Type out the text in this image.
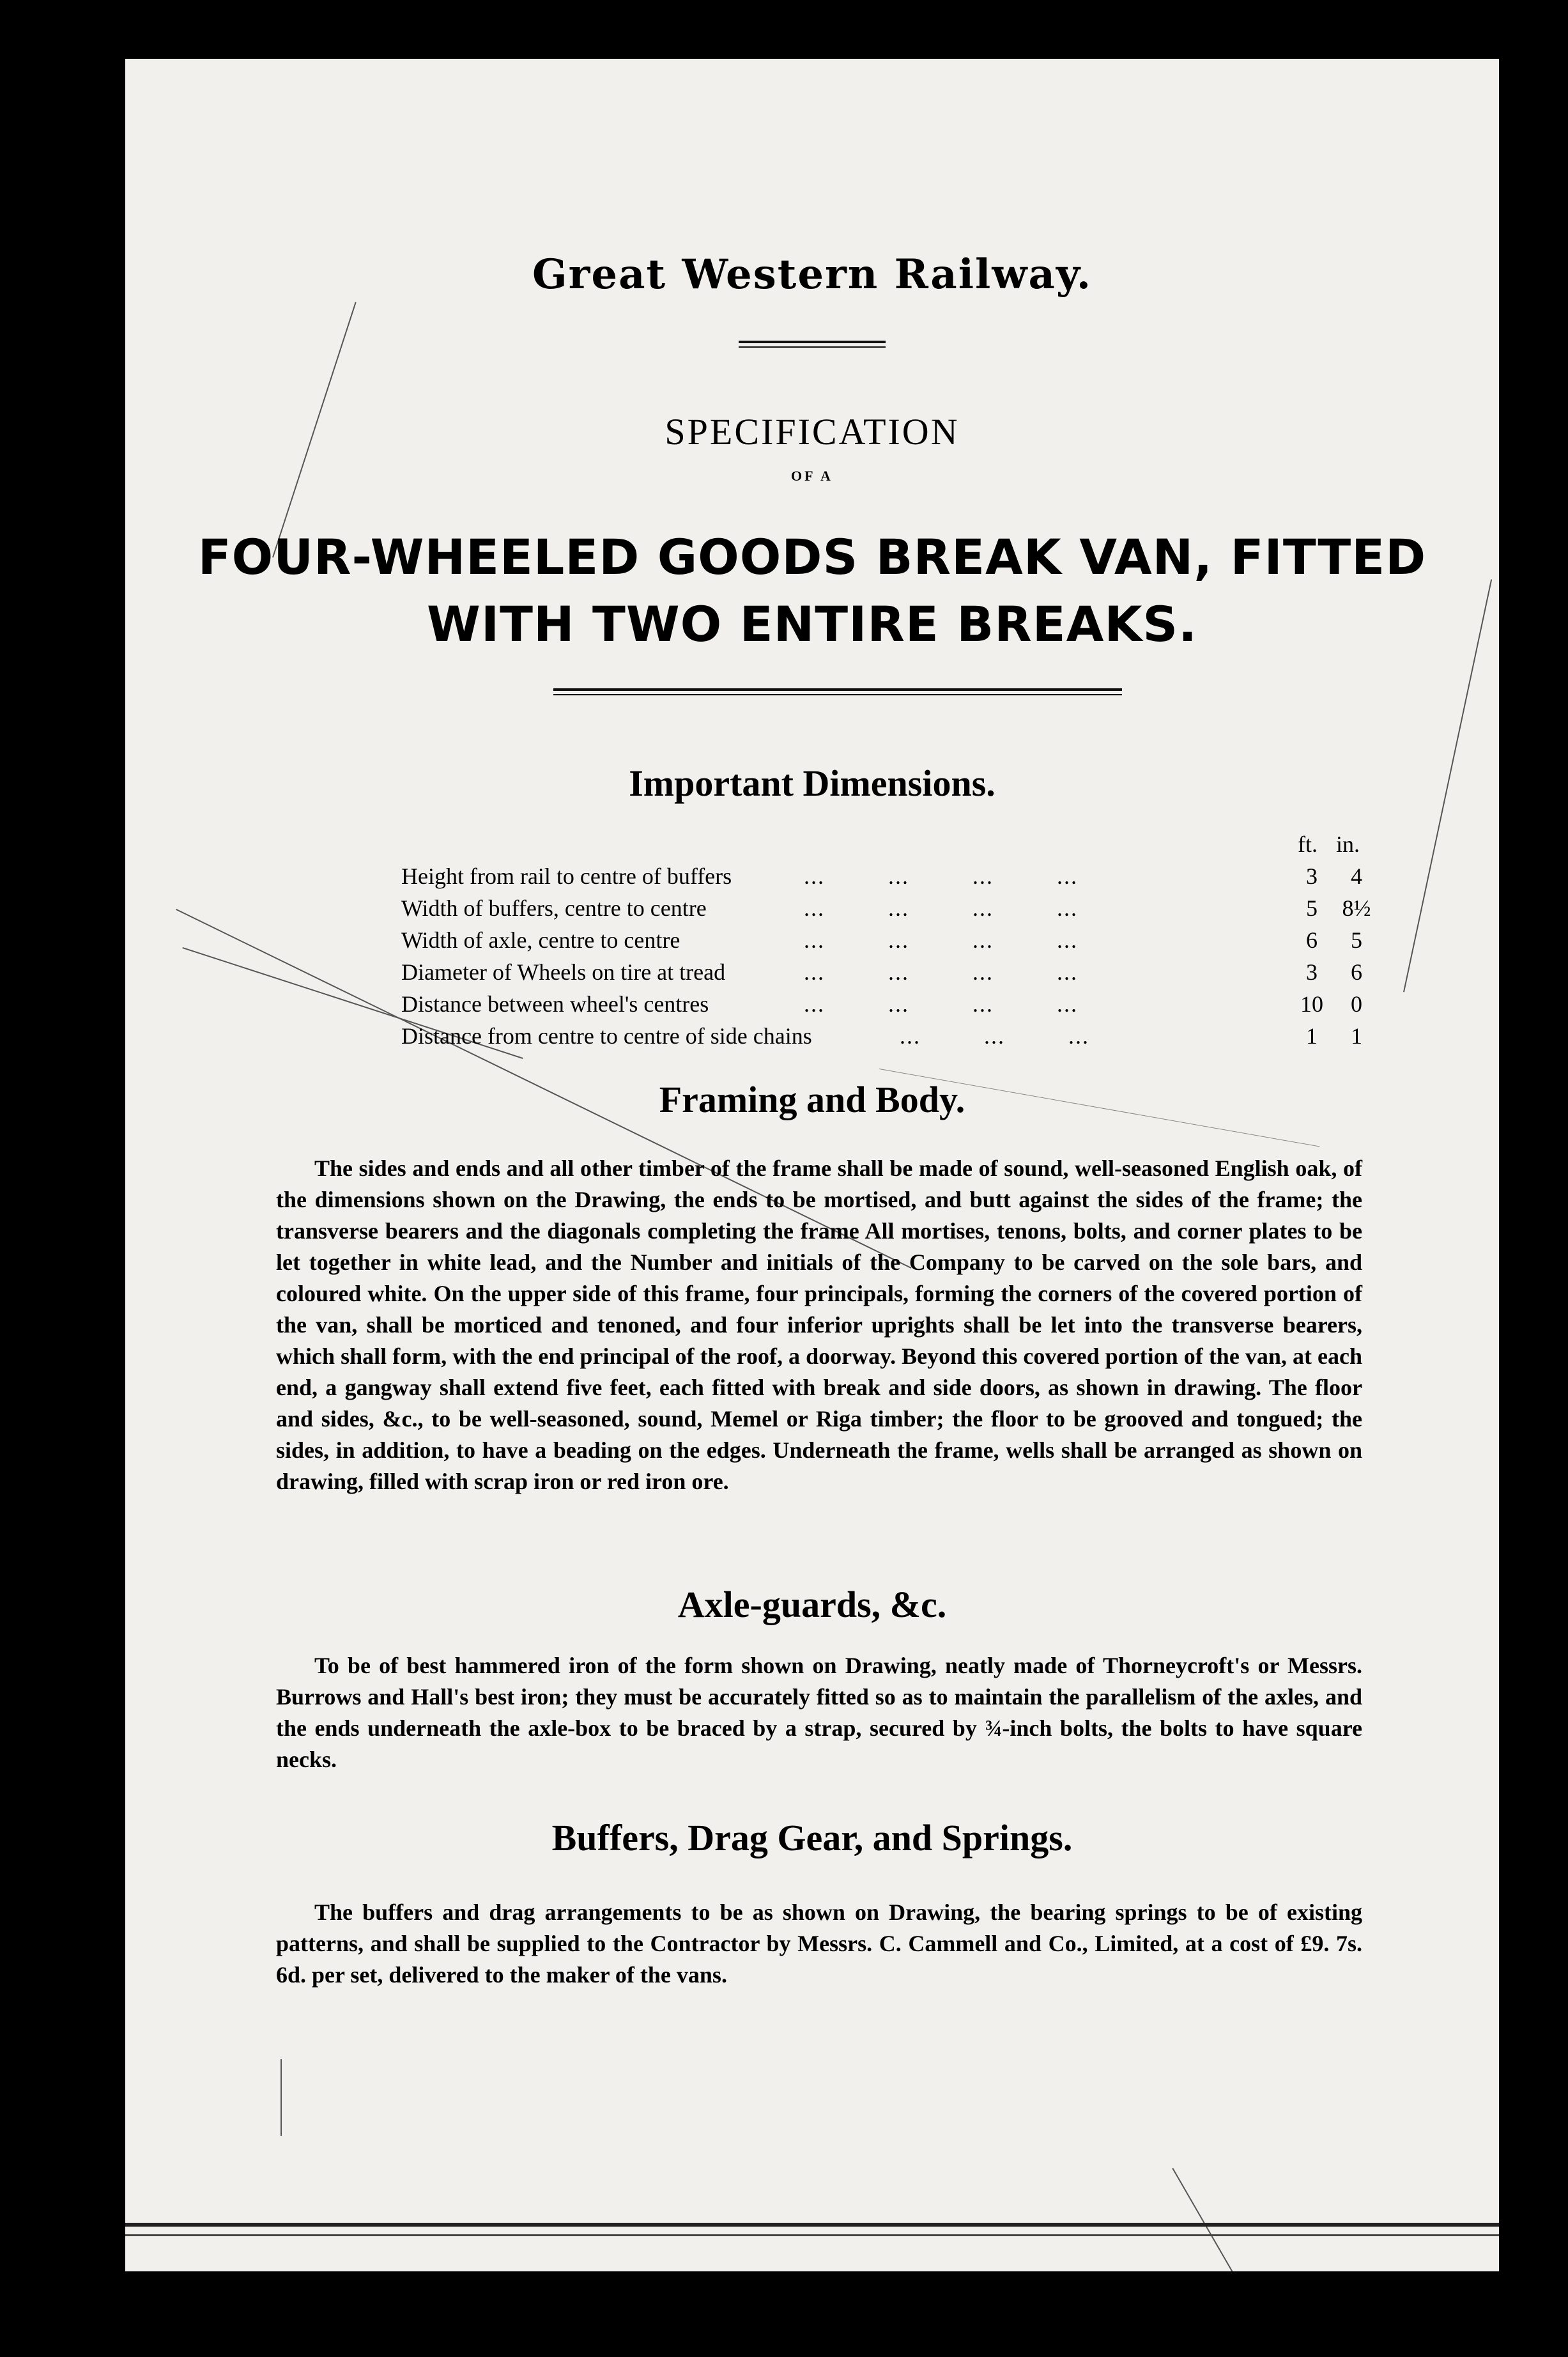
Great Western Railway.
SPECIFICATION
OF A
FOUR-WHEELED GOODS BREAK VAN, FITTED
WITH TWO ENTIRE BREAKS.
Important Dimensions.
ft. in.
Height from rail to centre of buffers	...         ...         ...         ...	3	4
Width of buffers, centre to centre	...         ...         ...         ...	5	8½
Width of axle, centre to centre	...         ...         ...         ...	6	5
Diameter of Wheels on tire at tread	...         ...         ...         ...	3	6
Distance between wheel's centres	...         ...         ...         ...	10	0
Distance from centre to centre of side chains	...         ...         ...	1	1
Framing and Body.

The sides and ends and all other timber of the frame shall be made of sound, well-seasoned English oak, of the dimensions shown on the Drawing, the ends to be mortised, and butt against the sides of the frame; the transverse bearers and the diagonals completing the frame All mortises, tenons, bolts, and corner plates to be let together in white lead, and the Number and initials of the Company to be carved on the sole bars, and coloured white. On the upper side of this frame, four principals, forming the corners of the covered portion of the van, shall be morticed and tenoned, and four inferior uprights shall be let into the transverse bearers, which shall form, with the end principal of the roof, a doorway. Beyond this covered portion of the van, at each end, a gangway shall extend five feet, each fitted with break and side doors, as shown in drawing. The floor and sides, &c., to be well-seasoned, sound, Memel or Riga timber; the floor to be grooved and tongued; the sides, in addition, to have a beading on the edges. Underneath the frame, wells shall be arranged as shown on drawing, filled with scrap iron or red iron ore.

Axle-guards, &c.

To be of best hammered iron of the form shown on Drawing, neatly made of Thorneycroft's or Messrs. Burrows and Hall's best iron; they must be accurately fitted so as to maintain the parallelism of the axles, and the ends underneath the axle-box to be braced by a strap, secured by ¾-inch bolts, the bolts to have square necks.

Buffers, Drag Gear, and Springs.

The buffers and drag arrangements to be as shown on Drawing, the bearing springs to be of existing patterns, and shall be supplied to the Contractor by Messrs. C. Cammell and Co., Limited, at a cost of £9. 7s. 6d. per set, delivered to the maker of the vans.
